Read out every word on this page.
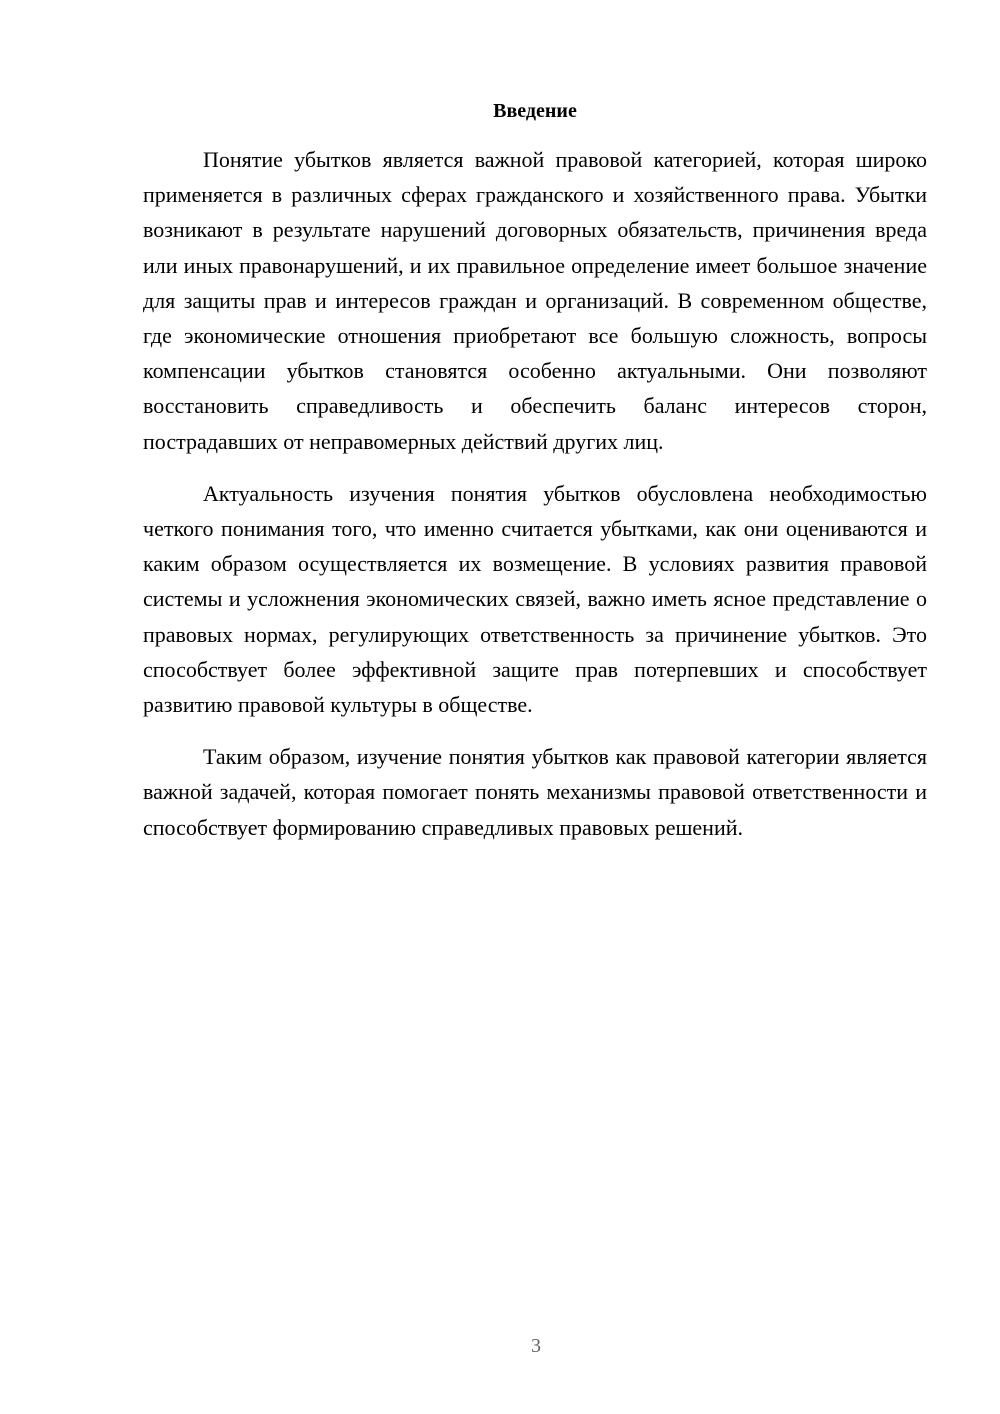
Введение

Понятие убытков является важной правовой категорией, которая широко применяется в различных сферах гражданского и хозяйственного права. Убытки возникают в результате нарушений договорных обязательств, причинения вреда или иных правонарушений, и их правильное определение имеет большое значение для защиты прав и интересов граждан и организаций. В современном обществе, где экономические отношения приобретают все большую сложность, вопросы компенсации убытков становятся особенно актуальными. Они позволяют восстановить справедливость и обеспечить баланс интересов сторон, пострадавших от неправомерных действий других лиц.

Актуальность изучения понятия убытков обусловлена необходимостью четкого понимания того, что именно считается убытками, как они оцениваются и каким образом осуществляется их возмещение. В условиях развития правовой системы и усложнения экономических связей, важно иметь ясное представление о правовых нормах, регулирующих ответственность за причинение убытков. Это способствует более эффективной защите прав потерпевших и способствует развитию правовой культуры в обществе.

Таким образом, изучение понятия убытков как правовой категории является важной задачей, которая помогает понять механизмы правовой ответственности и способствует формированию справедливых правовых решений.

3
